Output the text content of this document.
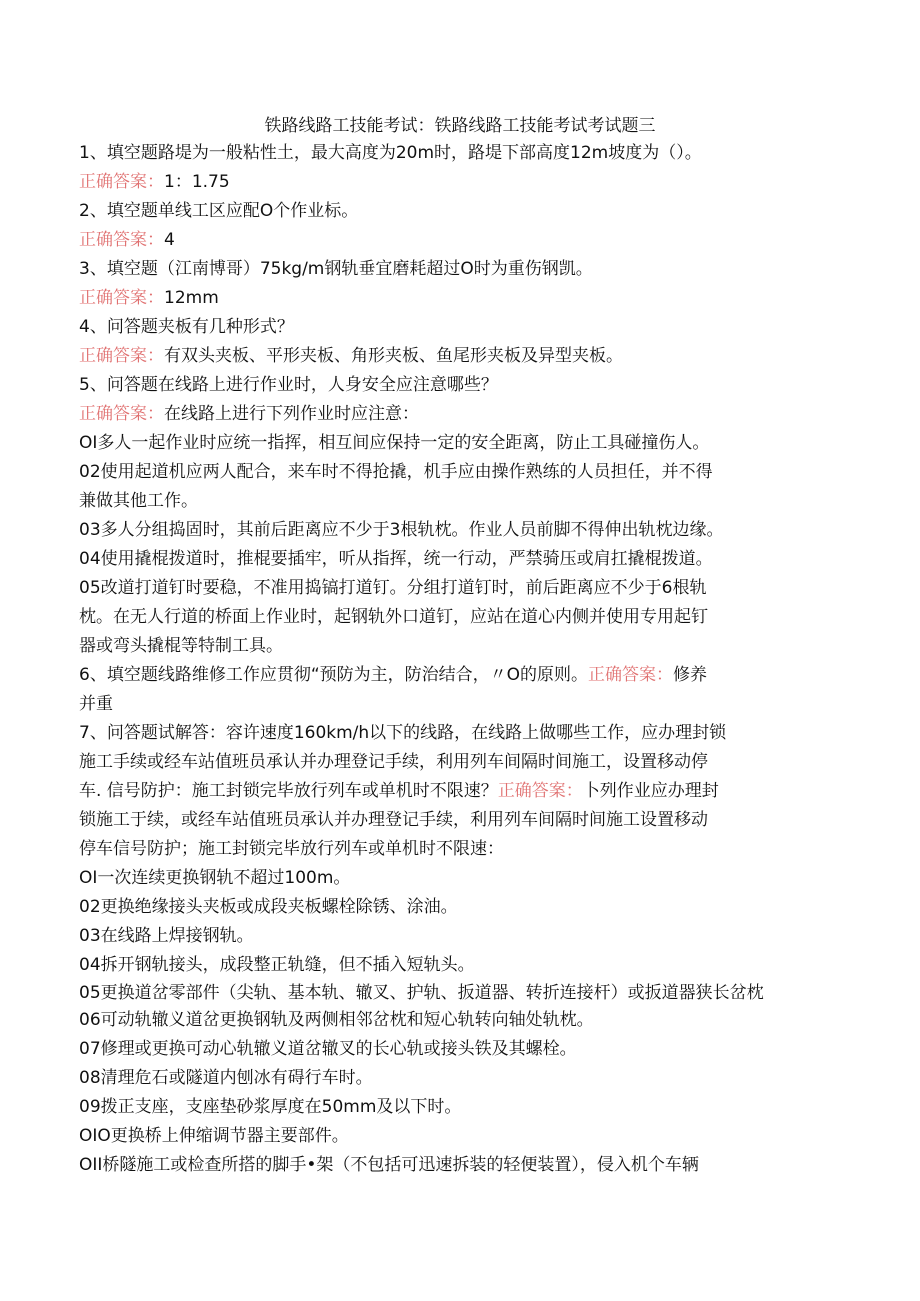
铁路线路工技能考试：铁路线路工技能考试考试题三

1、填空题路堤为一般粘性土，最大高度为20m时，路堤下部高度12m坡度为（）。

正确答案：1：1.75

2、填空题单线工区应配O个作业标。

正确答案：4

3、填空题（江南博哥）75kg∕m钢轨垂宜磨耗超过O时为重伤钢凯。

正确答案：12mm

4、问答题夹板有几种形式？

正确答案：有双头夹板、平形夹板、角形夹板、鱼尾形夹板及异型夹板。

5、问答题在线路上进行作业时，人身安全应注意哪些？

正确答案：在线路上进行下列作业时应注意：

OI多人一起作业时应统一指挥，相互间应保持一定的安全距离，防止工具碰撞伤人。

02使用起道机应两人配合，来车时不得抢撬，机手应由操作熟练的人员担任，并不得

兼做其他工作。

03多人分组捣固时，其前后距离应不少于3根轨枕。作业人员前脚不得伸出轨枕边缘。

04使用撬棍拨道时，推棍要插牢，听从指挥，统一行动，严禁骑压或肩扛撬棍拨道。

05改道打道钉时要稳，不准用捣镐打道钉。分组打道钉时，前后距离应不少于6根轨

枕。在无人行道的桥面上作业时，起钢轨外口道钉，应站在道心内侧并使用专用起钉

器或弯头撬棍等特制工具。

6、填空题线路维修工作应贯彻“预防为主，防治结合，〃O的原则。正确答案：修养

并重

7、问答题试解答：容许速度160km∕h以下的线路，在线路上做哪些工作，应办理封锁

施工手续或经车站值班员承认并办理登记手续，利用列车间隔时间施工，设置移动停

车. 信号防护：施工封锁完毕放行列车或单机时不限速？正确答案：卜列作业应办理封

锁施工于续，或经车站值班员承认并办理登记手续，利用列车间隔时间施工设置移动

停车信号防护；施工封锁完毕放行列车或单机时不限速：

OI一次连续更换钢轨不超过100m。

02更换绝缘接头夹板或成段夹板螺栓除锈、涂油。

03在线路上焊接钢轨。

04拆开钢轨接头，成段整正轨缝，但不插入短轨头。

05更换道岔零部件（尖轨、基本轨、辙叉、护轨、扳道器、转折连接杆）或扳道器狭长岔枕

06可动轨辙义道岔更换钢轨及两侧相邻岔枕和短心轨转向轴处轨枕。

07修理或更换可动心轨辙义道岔辙叉的长心轨或接头铁及其螺栓。

08清理危石或隧道内刨冰有碍行车时。

09拨正支座，支座垫砂浆厚度在50mm及以下时。

OIO更换桥上伸缩调节器主要部件。

OII桥隧施工或检查所搭的脚手•架（不包括可迅速拆装的轻便装置），侵入机个车辆
